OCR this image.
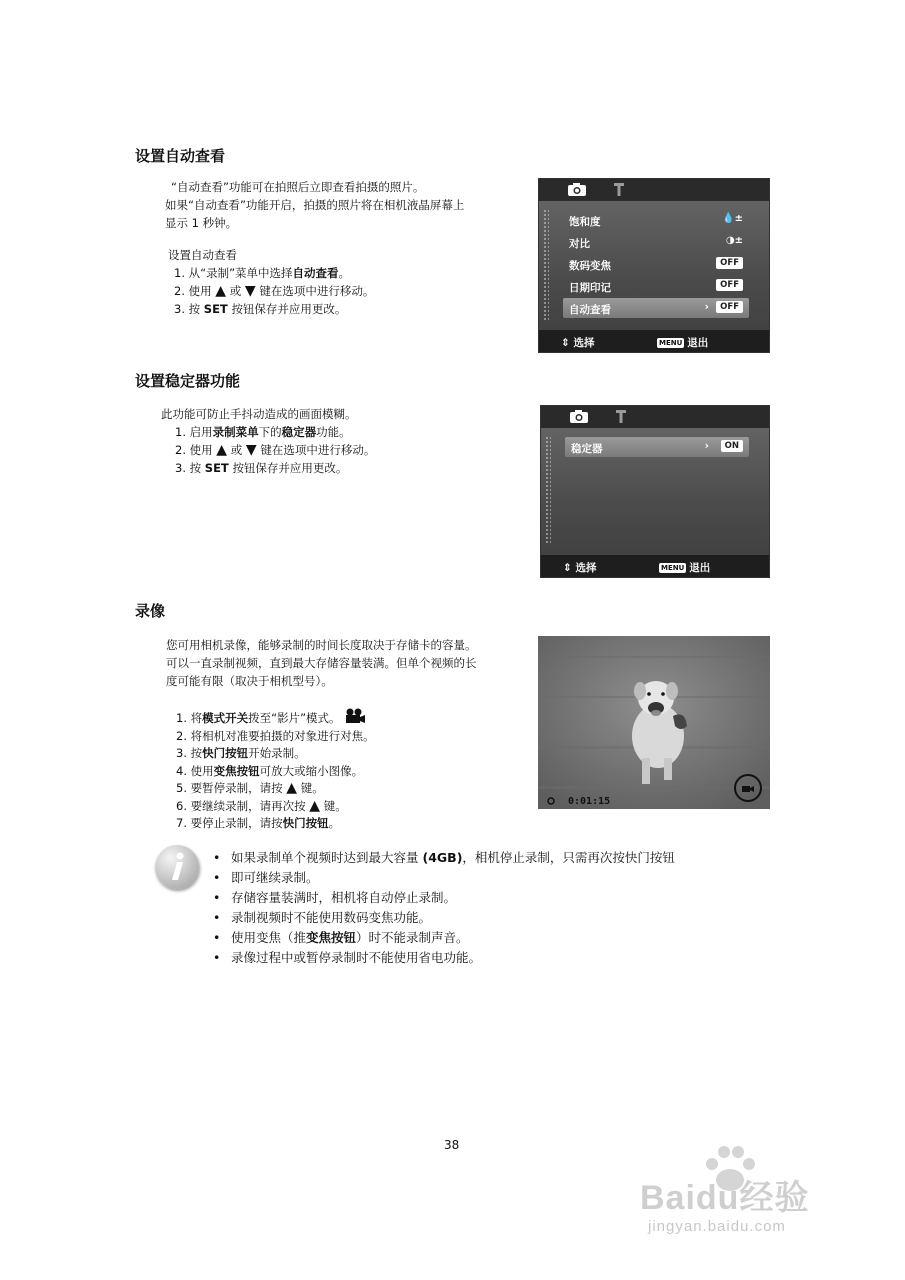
设置自动查看
“自动查看”功能可在拍照后立即查看拍摄的照片。
如果“自动查看”功能开启，拍摄的照片将在相机液晶屏幕上
显示 1 秒钟。
设置自动查看
1. 从“录制”菜单中选择自动查看。
2. 使用 ▲ 或 ▼ 键在选项中进行移动。
3. 按 SET 按钮保存并应用更改。
饱和度	💧±
对比	◑±
数码变焦	OFF
日期印记	OFF
自动查看	›	OFF
⇕ 选择	MENU 退出
设置稳定器功能
此功能可防止手抖动造成的画面模糊。
1. 启用录制菜单下的稳定器功能。
2. 使用 ▲ 或 ▼ 键在选项中进行移动。
3. 按 SET 按钮保存并应用更改。
稳定器	›	ON
⇕ 选择	MENU 退出
录像
您可用相机录像，能够录制的时间长度取决于存储卡的容量。
可以一直录制视频，直到最大存储容量装满。但单个视频的长
度可能有限（取决于相机型号）。
1. 将模式开关拨至“影片”模式。
2. 将相机对准要拍摄的对象进行对焦。
3. 按快门按钮开始录制。
4. 使用变焦按钮可放大或缩小图像。
5. 要暂停录制，请按 ▲ 键。
6. 要继续录制，请再次按 ▲ 键。
7. 要停止录制，请按快门按钮。
0:01:15
• 如果录制单个视频时达到最大容量 (4GB)，相机停止录制，只需再次按快门按钮
• 即可继续录制。
• 存储容量装满时，相机将自动停止录制。
• 录制视频时不能使用数码变焦功能。
• 使用变焦（推变焦按钮）时不能录制声音。
• 录像过程中或暂停录制时不能使用省电功能。
38
Baidu经验
jingyan.baidu.com
